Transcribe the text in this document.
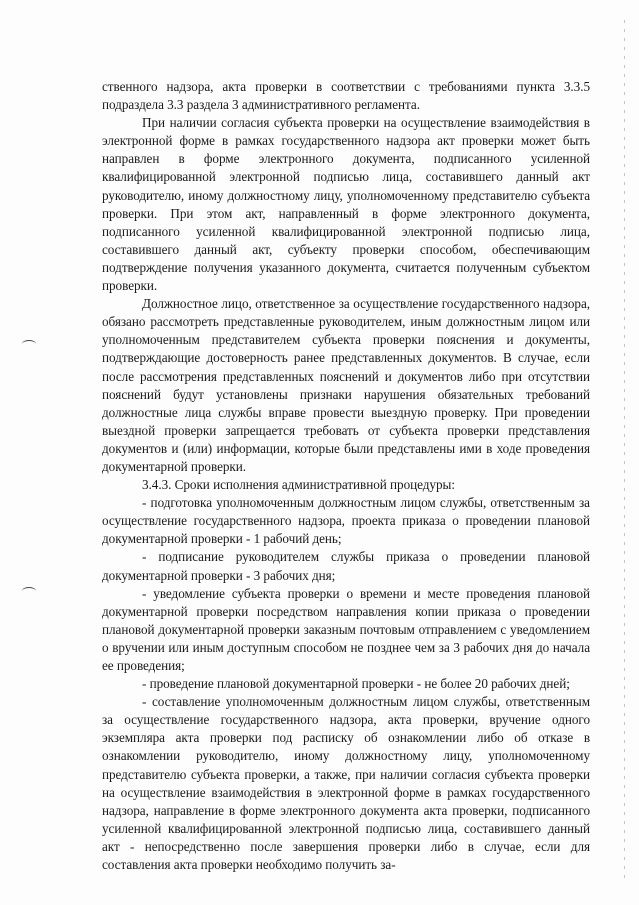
ственного надзора, акта проверки в соответствии с требованиями пункта 3.3.5 подраздела 3.3 раздела 3 административного регламента.

При наличии согласия субъекта проверки на осуществление взаимодействия в электронной форме в рамках государственного надзора акт проверки может быть направлен в форме электронного документа, подписанного усиленной квалифицированной электронной подписью лица, составившего данный акт руководителю, иному должностному лицу, уполномоченному представителю субъекта проверки. При этом акт, направленный в форме электронного документа, подписанного усиленной квалифицированной электронной подписью лица, составившего данный акт, субъекту проверки способом, обеспечивающим подтверждение получения указанного документа, считается полученным субъектом проверки.

Должностное лицо, ответственное за осуществление государственного надзора, обязано рассмотреть представленные руководителем, иным должностным лицом или уполномоченным представителем субъекта проверки пояснения и документы, подтверждающие достоверность ранее представленных документов. В случае, если после рассмотрения представленных пояснений и документов либо при отсутствии пояснений будут установлены признаки нарушения обязательных требований должностные лица службы вправе провести выездную проверку. При проведении выездной проверки запрещается требовать от субъекта проверки представления документов и (или) информации, которые были представлены ими в ходе проведения документарной проверки.

3.4.3. Сроки исполнения административной процедуры:

- подготовка уполномоченным должностным лицом службы, ответственным за осуществление государственного надзора, проекта приказа о проведении плановой документарной проверки - 1 рабочий день;

- подписание руководителем службы приказа о проведении плановой документарной проверки - 3 рабочих дня;

- уведомление субъекта проверки о времени и месте проведения плановой документарной проверки посредством направления копии приказа о проведении плановой документарной проверки заказным почтовым отправлением с уведомлением о вручении или иным доступным способом не позднее чем за 3 рабочих дня до начала ее проведения;

- проведение плановой документарной проверки - не более 20 рабочих дней;

- составление уполномоченным должностным лицом службы, ответственным за осуществление государственного надзора, акта проверки, вручение одного экземпляра акта проверки под расписку об ознакомлении либо об отказе в ознакомлении руководителю, иному должностному лицу, уполномоченному представителю субъекта проверки, а также, при наличии согласия субъекта проверки на осуществление взаимодействия в электронной форме в рамках государственного надзора, направление в форме электронного документа акта проверки, подписанного усиленной квалифицированной электронной подписью лица, составившего данный акт - непосредственно после завершения проверки либо в случае, если для составления акта проверки необходимо получить за-
